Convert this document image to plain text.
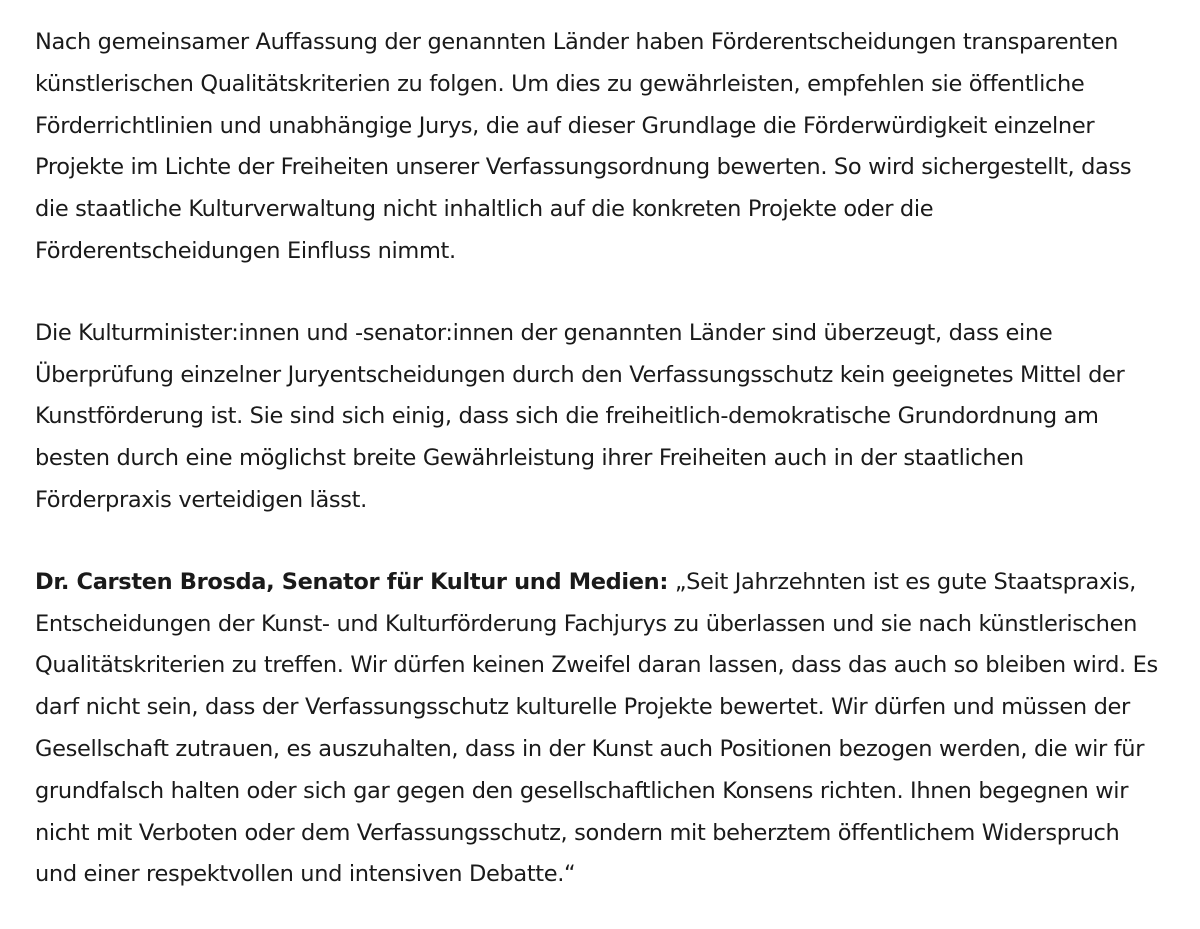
Nach gemeinsamer Auffassung der genannten Länder haben Förderentscheidungen transparenten künstlerischen Qualitätskriterien zu folgen. Um dies zu gewährleisten, empfehlen sie öffentliche Förderrichtlinien und unabhängige Jurys, die auf dieser Grundlage die Förderwürdigkeit einzelner Projekte im Lichte der Freiheiten unserer Verfassungsordnung bewerten. So wird sichergestellt, dass die staatliche Kulturverwaltung nicht inhaltlich auf die konkreten Projekte oder die Förderentscheidungen Einfluss nimmt.

Die Kulturminister:innen und -senator:innen der genannten Länder sind überzeugt, dass eine Überprüfung einzelner Juryentscheidungen durch den Verfassungsschutz kein geeignetes Mittel der Kunstförderung ist. Sie sind sich einig, dass sich die freiheitlich-demokratische Grundordnung am besten durch eine möglichst breite Gewährleistung ihrer Freiheiten auch in der staatlichen Förderpraxis verteidigen lässt.

Dr. Carsten Brosda, Senator für Kultur und Medien: „Seit Jahrzehnten ist es gute Staatspraxis, Entscheidungen der Kunst- und Kulturförderung Fachjurys zu überlassen und sie nach künstlerischen Qualitätskriterien zu treffen. Wir dürfen keinen Zweifel daran lassen, dass das auch so bleiben wird. Es darf nicht sein, dass der Verfassungsschutz kulturelle Projekte bewertet. Wir dürfen und müssen der Gesellschaft zutrauen, es auszuhalten, dass in der Kunst auch Positionen bezogen werden, die wir für grundfalsch halten oder sich gar gegen den gesellschaftlichen Konsens richten. Ihnen begegnen wir nicht mit Verboten oder dem Verfassungsschutz, sondern mit beherztem öffentlichem Widerspruch und einer respektvollen und intensiven Debatte.“
